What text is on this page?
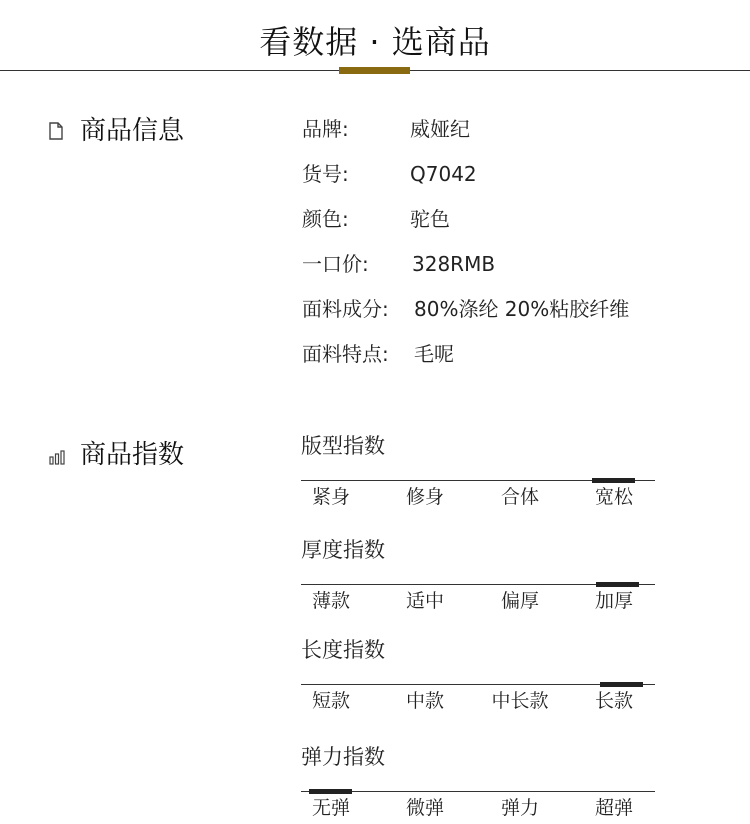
看数据 · 选商品
商品信息	品牌:	威娅纪
货号:	Q7042
颜色:	驼色
一口价: 328RMB
面料成分: 80%涤纶 20%粘胶纤维
面料特点: 毛呢
商品指数	版型指数
紧身	修身	合体	宽松
厚度指数
薄款	适中	偏厚	加厚
长度指数
短款	中款	中长款	长款
弹力指数
无弹	微弹	弹力	超弹
